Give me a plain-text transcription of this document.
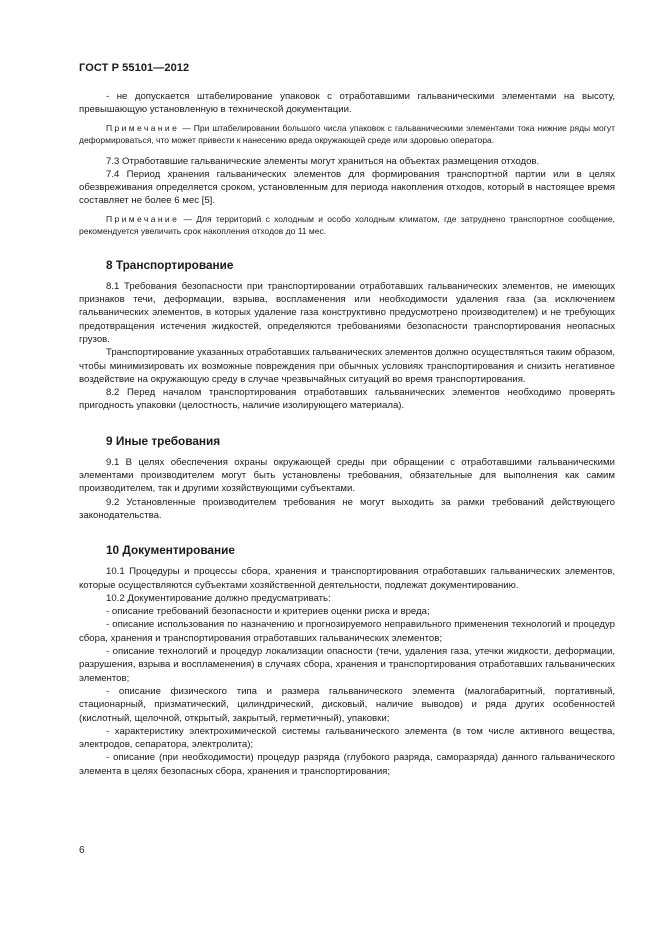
ГОСТ Р 55101—2012

- не допускается штабелирование упаковок с отработавшими гальваническими элементами на высоту, превышающую установленную в технической документации.

Примечание — При штабелировании большого числа упаковок с гальваническими элементами тока нижние ряды могут деформироваться, что может привести к нанесению вреда окружающей среде или здоровью оператора.

7.3 Отработавшие гальванические элементы могут храниться на объектах размещения отходов.

7.4 Период хранения гальванических элементов для формирования транспортной партии или в целях обезвреживания определяется сроком, установленным для периода накопления отходов, который в настоящее время составляет не более 6 мес [5].

Примечание — Для территорий с холодным и особо холодным климатом, где затруднено транспортное сообщение, рекомендуется увеличить срок накопления отходов до 11 мес.

8 Транспортирование

8.1 Требования безопасности при транспортировании отработавших гальванических элементов, не имеющих признаков течи, деформации, взрыва, воспламенения или необходимости удаления газа (за исключением гальванических элементов, в которых удаление газа конструктивно предусмотрено производителем) и не требующих предотвращения истечения жидкостей, определяются требованиями безопасности транспортирования неопасных грузов.

Транспортирование указанных отработавших гальванических элементов должно осуществляться таким образом, чтобы минимизировать их возможные повреждения при обычных условиях транспортирования и снизить негативное воздействие на окружающую среду в случае чрезвычайных ситуаций во время транспортирования.

8.2 Перед началом транспортирования отработавших гальванических элементов необходимо проверять пригодность упаковки (целостность, наличие изолирующего материала).

9 Иные требования

9.1 В целях обеспечения охраны окружающей среды при обращении с отработавшими гальваническими элементами производителем могут быть установлены требования, обязательные для выполнения как самим производителем, так и другими хозяйствующими субъектами.

9.2 Установленные производителем требования не могут выходить за рамки требований действующего законодательства.

10 Документирование

10.1 Процедуры и процессы сбора, хранения и транспортирования отработавших гальванических элементов, которые осуществляются субъектами хозяйственной деятельности, подлежат документированию.

10.2 Документирование должно предусматривать:

- описание требований безопасности и критериев оценки риска и вреда;

- описание использования по назначению и прогнозируемого неправильного применения технологий и процедур сбора, хранения и транспортирования отработавших гальванических элементов;

- описание технологий и процедур локализации опасности (течи, удаления газа, утечки жидкости, деформации, разрушения, взрыва и воспламенения) в случаях сбора, хранения и транспортирования отработавших гальванических элементов;

- описание физического типа и размера гальванического элемента (малогабаритный, портативный, стационарный, призматический, цилиндрический, дисковый, наличие выводов) и ряда других особенностей (кислотный, щелочной, открытый, закрытый, герметичный), упаковки;

- характеристику электрохимической системы гальванического элемента (в том числе активного вещества, электродов, сепаратора, электролита);

- описание (при необходимости) процедур разряда (глубокого разряда, саморазряда) данного гальванического элемента в целях безопасных сбора, хранения и транспортирования;

6
